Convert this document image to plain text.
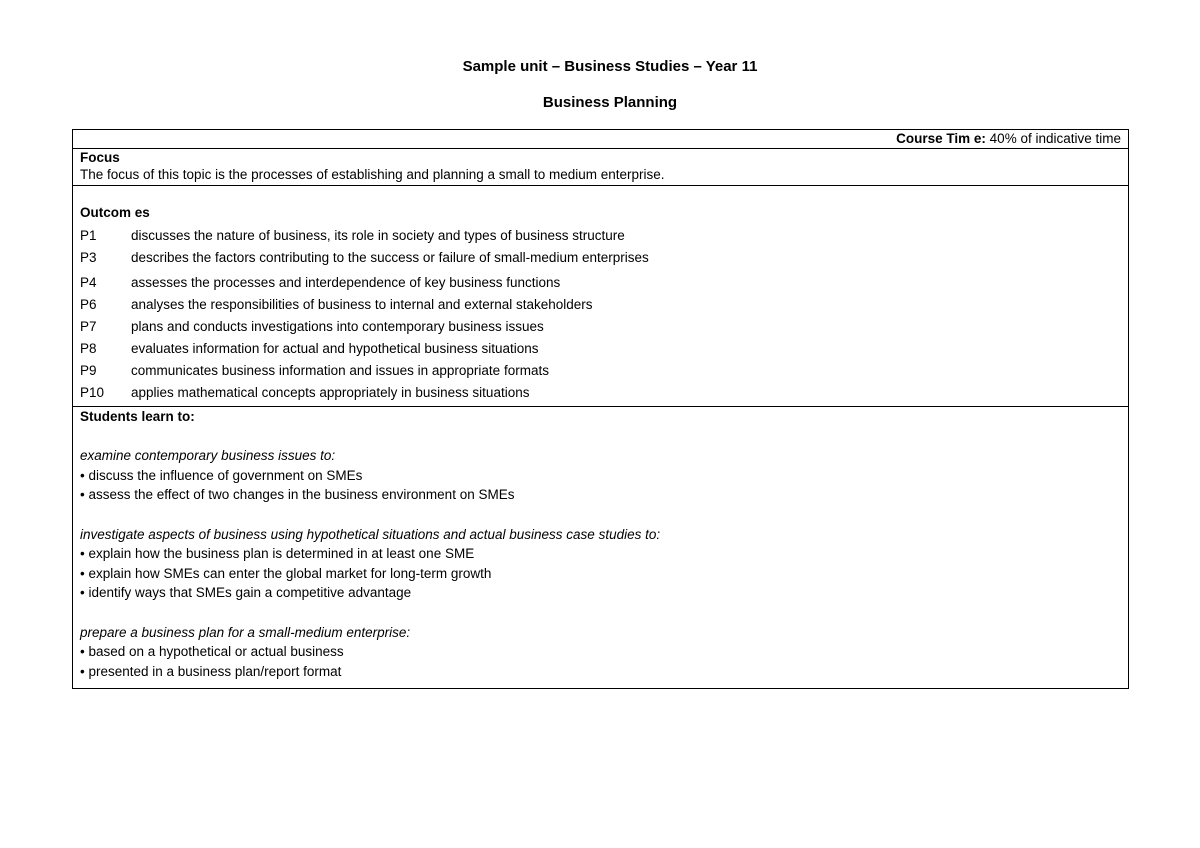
Sample unit – Business Studies – Year 11
Business Planning
Course Tim e: 40% of indicative time

Focus
The focus of this topic is the processes of establishing and planning a small to medium enterprise.

Outcom es
P1	discusses the nature of business, its role in society and types of business structure
P3	describes the factors contributing to the success or failure of small-medium enterprises
P4	assesses the processes and interdependence of key business functions
P6	analyses the responsibilities of business to internal and external stakeholders
P7	plans and conducts investigations into contemporary business issues
P8	evaluates information for actual and hypothetical business situations
P9	communicates business information and issues in appropriate formats
P10	applies mathematical concepts appropriately in business situations

Students learn to:
examine contemporary business issues to:
• discuss the influence of government on SMEs
• assess the effect of two changes in the business environment on SMEs
investigate aspects of business using hypothetical situations and actual business case studies to:
• explain how the business plan is determined in at least one SME
• explain how SMEs can enter the global market for long-term growth
• identify ways that SMEs gain a competitive advantage
prepare a business plan for a small-medium enterprise:
• based on a hypothetical or actual business
• presented in a business plan/report format
